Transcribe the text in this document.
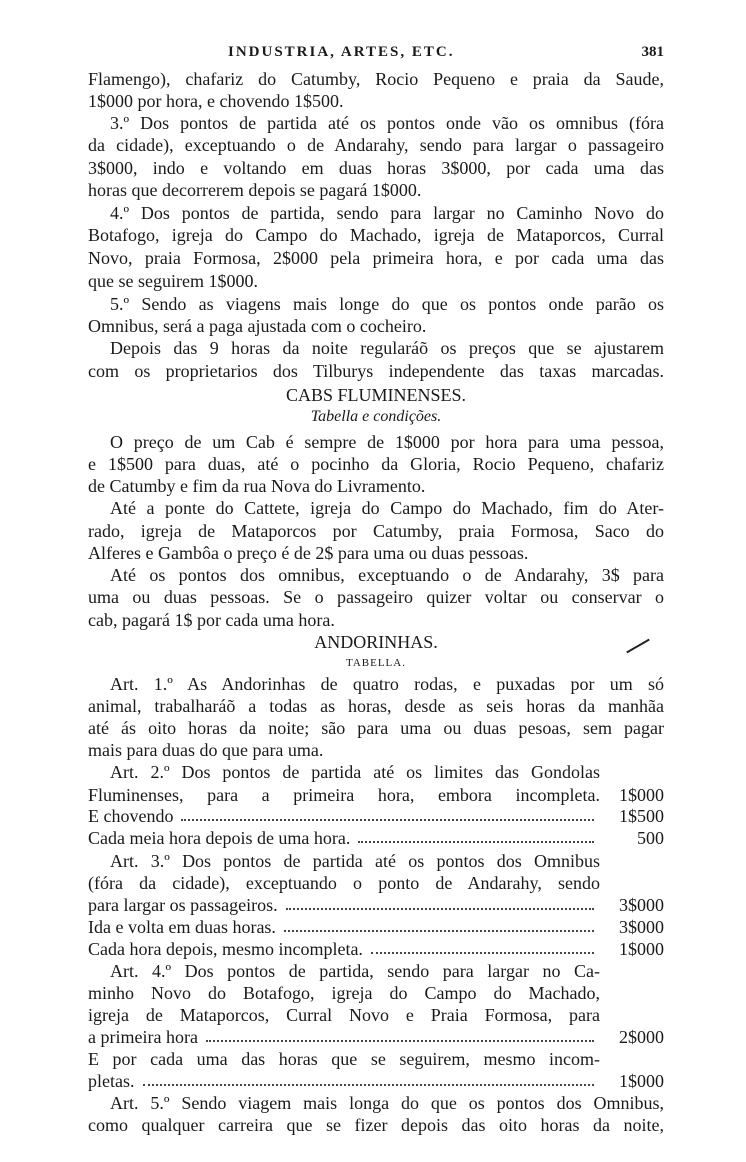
INDUSTRIA, ARTES, ETC.	381
Flamengo), chafariz do Catumby, Rocio Pequeno e praia da Saude,
1$000 por hora, e chovendo 1$500.
3.º Dos pontos de partida até os pontos onde vão os omnibus (fóra
da cidade), exceptuando o de Andarahy, sendo para largar o passageiro
3$000, indo e voltando em duas horas 3$000, por cada uma das
horas que decorrerem depois se pagará 1$000.
4.º Dos pontos de partida, sendo para largar no Caminho Novo do
Botafogo, igreja do Campo do Machado, igreja de Mataporcos, Curral
Novo, praia Formosa, 2$000 pela primeira hora, e por cada uma das
que se seguirem 1$000.
5.º Sendo as viagens mais longe do que os pontos onde parão os
Omnibus, será a paga ajustada com o cocheiro.
Depois das 9 horas da noite regularáõ os preços que se ajustarem
com os proprietarios dos Tilburys independente das taxas marcadas.
CABS FLUMINENSES.
Tabella e condições.
O preço de um Cab é sempre de 1$000 por hora para uma pessoa,
e 1$500 para duas, até o pocinho da Gloria, Rocio Pequeno, chafariz
de Catumby e fim da rua Nova do Livramento.
Até a ponte do Cattete, igreja do Campo do Machado, fim do Ater-
rado, igreja de Mataporcos por Catumby, praia Formosa, Saco do
Alferes e Gambôa o preço é de 2$ para uma ou duas pessoas.
Até os pontos dos omnibus, exceptuando o de Andarahy, 3$ para
uma ou duas pessoas. Se o passageiro quizer voltar ou conservar o
cab, pagará 1$ por cada uma hora.
ANDORINHAS.
TABELLA.
Art. 1.º As Andorinhas de quatro rodas, e puxadas por um só
animal, trabalharáõ a todas as horas, desde as seis horas da manhãa
até ás oito horas da noite; são para uma ou duas pesoas, sem pagar
mais para duas do que para uma.
Art. 2.º Dos pontos de partida até os limites das Gondolas
Fluminenses, para a primeira hora, embora incompleta.	1$000
E chovendo	1$500
Cada meia hora depois de uma hora.	500
Art. 3.º Dos pontos de partida até os pontos dos Omnibus
(fóra da cidade), exceptuando o ponto de Andarahy, sendo
para largar os passageiros.	3$000
Ida e volta em duas horas.	3$000
Cada hora depois, mesmo incompleta.	1$000
Art. 4.º Dos pontos de partida, sendo para largar no Ca-
minho Novo do Botafogo, igreja do Campo do Machado,
igreja de Mataporcos, Curral Novo e Praia Formosa, para
a primeira hora	2$000
E por cada uma das horas que se seguirem, mesmo incom-
pletas.	1$000
Art. 5.º Sendo viagem mais longa do que os pontos dos Omnibus,
como qualquer carreira que se fizer depois das oito horas da noite,
